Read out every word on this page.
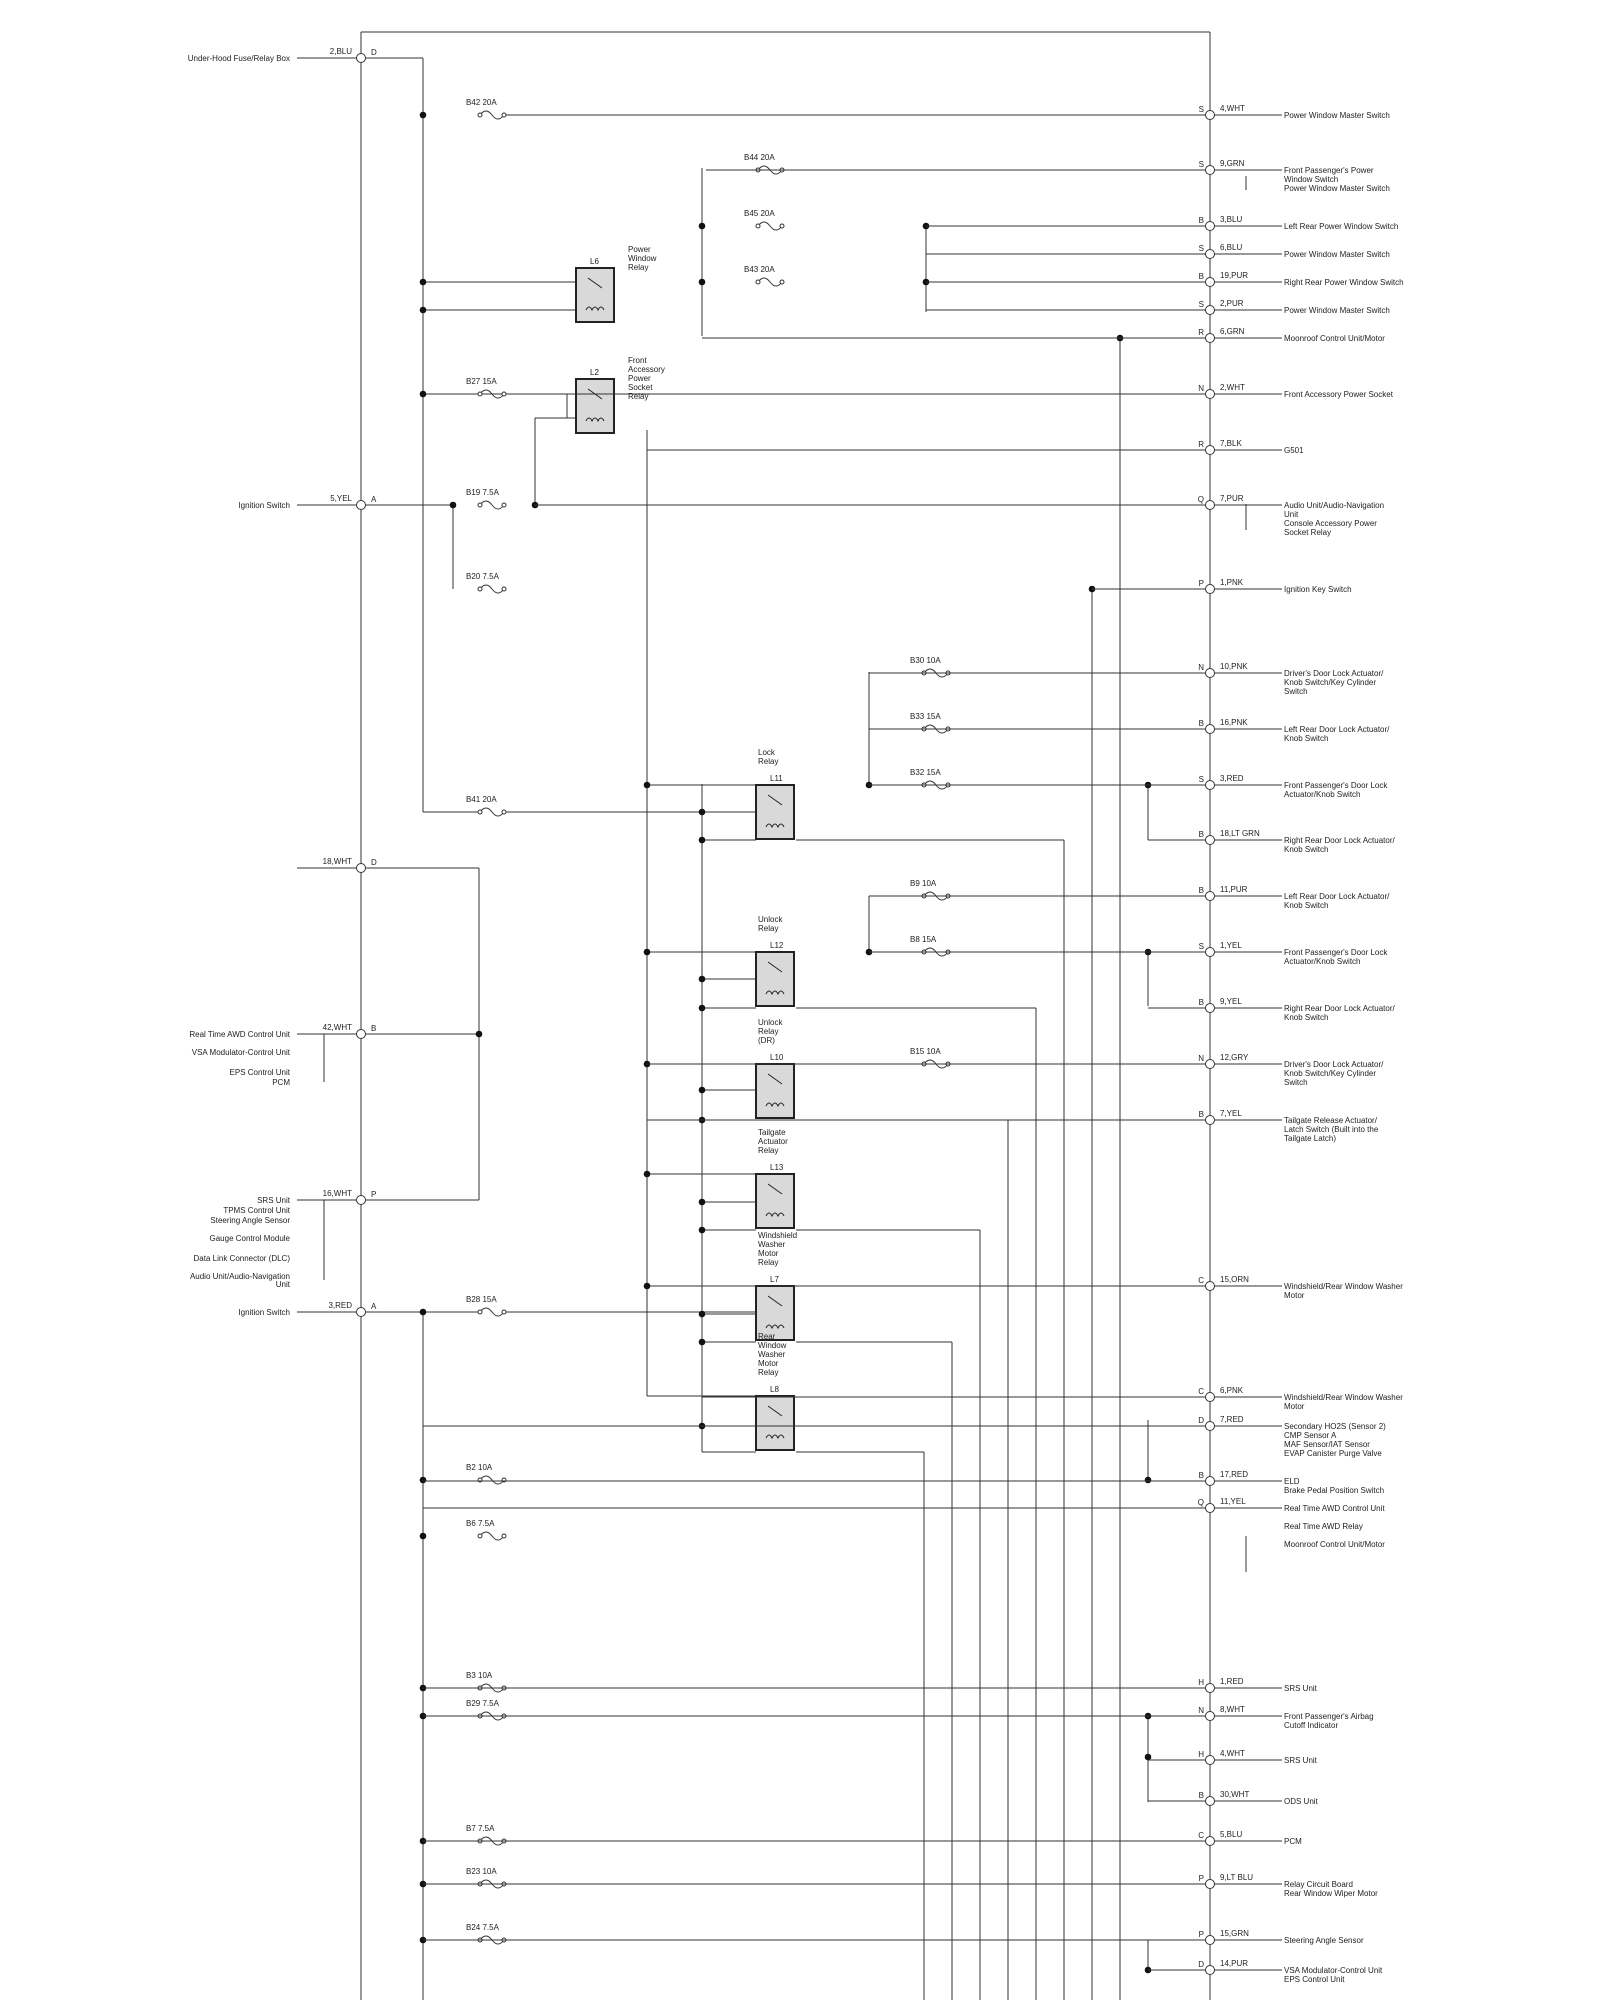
B42 20A
B44 20A
B45 20A
B43 20A
B27 15A
B19 7.5A
B20 7.5A
B30 10A
B33 15A
B32 15A
B41 20A
B9 10A
B8 15A
B15 10A
B28 15A
B2 10A
B6 7.5A
B3 10A
B29 7.5A
B7 7.5A
B23 10A
B24 7.5A
L6
Power
Window
Relay
L2
Front
Accessory
Power
Socket
Relay
L11
Lock
Relay
L12
Unlock
Relay
L10
Unlock
Relay
(DR)
L13
Tailgate
Actuator
Relay
L7
Windshield
Washer
Motor
Relay
L8
Rear
Window
Washer
Motor
Relay
Under-Hood Fuse/Relay Box
2,BLU D
Ignition Switch
5,YEL A
18,WHT D
Real Time AWD Control Unit
42,WHT B
VSA Modulator-Control Unit
EPS Control Unit
PCM
SRS Unit
16,WHT P
TPMS Control Unit
Steering Angle Sensor
Gauge Control Module
Data Link Connector (DLC)
Audio Unit/Audio-Navigation
Unit
Ignition Switch
3,RED A
S 4,WHT
Power Window Master Switch
S 9,GRN
Front Passenger's Power
Window Switch
Power Window Master Switch
B 3,BLU
Left Rear Power Window Switch
S 6,BLU
Power Window Master Switch
B 19,PUR
Right Rear Power Window Switch
S 2,PUR
Power Window Master Switch
R 6,GRN
Moonroof Control Unit/Motor
N 2,WHT
Front Accessory Power Socket
R 7,BLK
G501
Q 7,PUR
Audio Unit/Audio-Navigation
Unit
Console Accessory Power
Socket Relay
P 1,PNK
Ignition Key Switch
N 10,PNK
Driver's Door Lock Actuator/
Knob Switch/Key Cylinder
Switch
B 16,PNK
Left Rear Door Lock Actuator/
Knob Switch
S 3,RED
Front Passenger's Door Lock
Actuator/Knob Switch
B 18,LT GRN
Right Rear Door Lock Actuator/
Knob Switch
B 11,PUR
Left Rear Door Lock Actuator/
Knob Switch
S 1,YEL
Front Passenger's Door Lock
Actuator/Knob Switch
B 9,YEL
Right Rear Door Lock Actuator/
Knob Switch
N 12,GRY
Driver's Door Lock Actuator/
Knob Switch/Key Cylinder
Switch
B 7,YEL
Tailgate Release Actuator/
Latch Switch (Built into the
Tailgate Latch)
C 15,ORN
Windshield/Rear Window Washer
Motor
C 6,PNK
Windshield/Rear Window Washer
Motor
D 7,RED
Secondary HO2S (Sensor 2)
CMP Sensor A
MAF Sensor/IAT Sensor
EVAP Canister Purge Valve
B 17,RED
ELD
Brake Pedal Position Switch
Q 11,YEL
Real Time AWD Control Unit
Real Time AWD Relay
Moonroof Control Unit/Motor
H 1,RED
SRS Unit
N 8,WHT
Front Passenger's Airbag
Cutoff Indicator
H 4,WHT
SRS Unit
B 30,WHT
ODS Unit
C 5,BLU
PCM
P 9,LT BLU
Relay Circuit Board
Rear Window Wiper Motor
P 15,GRN
Steering Angle Sensor
D 14,PUR
VSA Modulator-Control Unit
EPS Control Unit
